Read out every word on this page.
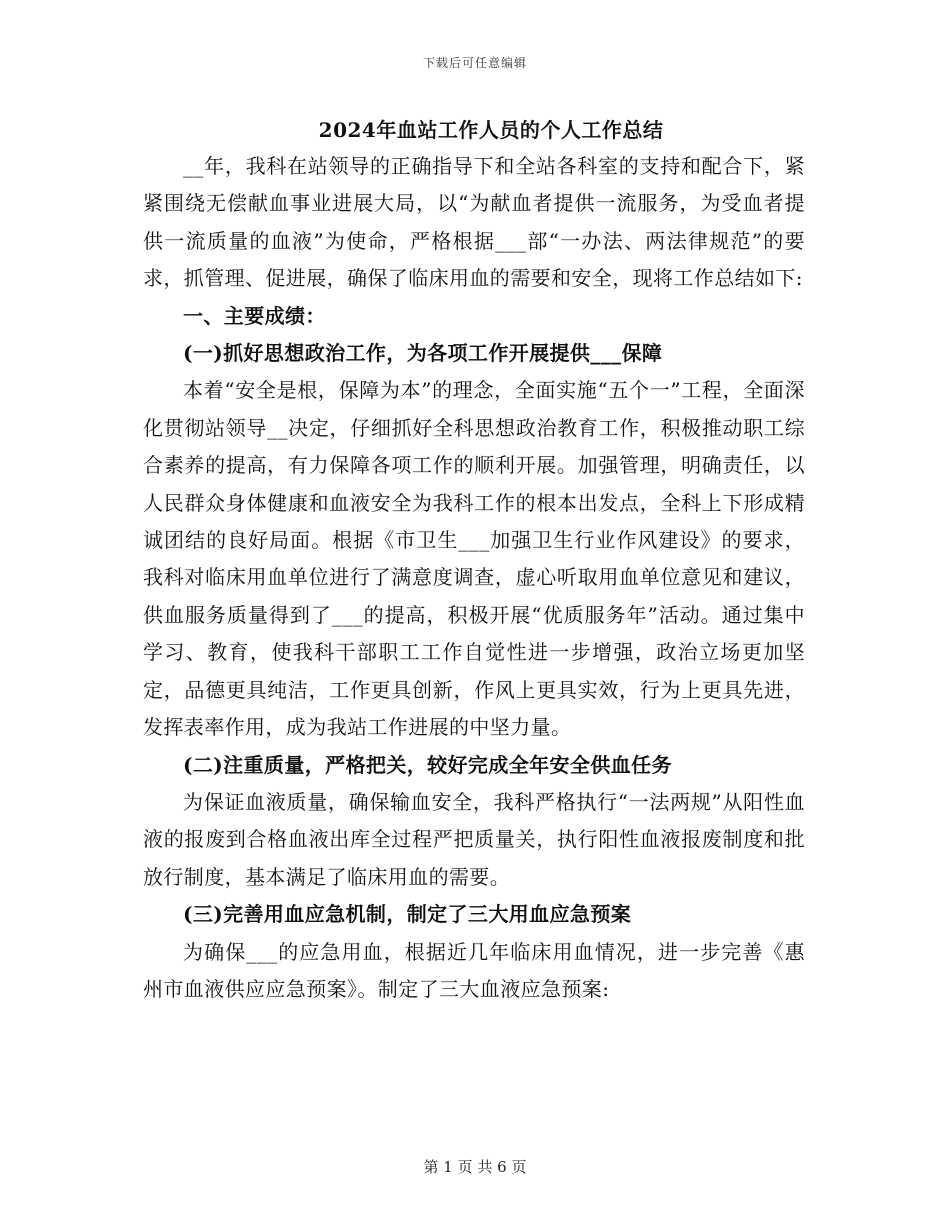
下载后可任意编辑
2024年血站工作人员的个人工作总结

__年，我科在站领导的正确指导下和全站各科室的支持和配合下，紧紧围绕无偿献血事业进展大局，以“为献血者提供一流服务，为受血者提供一流质量的血液”为使命，严格根据___部“一办法、两法律规范”的要求，抓管理、促进展，确保了临床用血的需要和安全，现将工作总结如下:

一、主要成绩：

(一)抓好思想政治工作，为各项工作开展提供___保障

本着“安全是根，保障为本”的理念，全面实施“五个一”工程，全面深化贯彻站领导__决定，仔细抓好全科思想政治教育工作，积极推动职工综合素养的提高，有力保障各项工作的顺利开展。加强管理，明确责任，以人民群众身体健康和血液安全为我科工作的根本出发点，全科上下形成精诚团结的良好局面。根据《市卫生___加强卫生行业作风建设》的要求，我科对临床用血单位进行了满意度调查，虚心听取用血单位意见和建议，供血服务质量得到了___的提高，积极开展“优质服务年”活动。通过集中学习、教育，使我科干部职工工作自觉性进一步增强，政治立场更加坚定，品德更具纯洁，工作更具创新，作风上更具实效，行为上更具先进，发挥表率作用，成为我站工作进展的中坚力量。

(二)注重质量，严格把关，较好完成全年安全供血任务

为保证血液质量，确保输血安全，我科严格执行“一法两规”从阳性血液的报废到合格血液出库全过程严把质量关，执行阳性血液报废制度和批放行制度，基本满足了临床用血的需要。

(三)完善用血应急机制，制定了三大用血应急预案

为确保___的应急用血，根据近几年临床用血情况，进一步完善《惠州市血液供应应急预案》。制定了三大血液应急预案:

第 1 页 共 6 页
